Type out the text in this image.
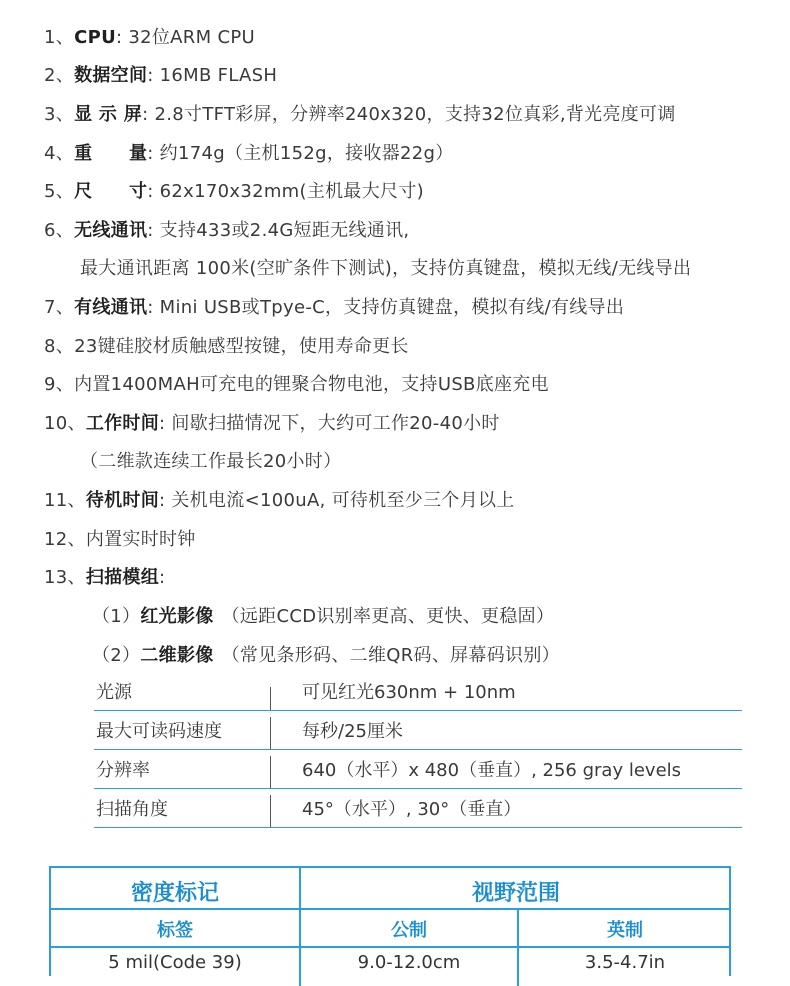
1、CPU: 32位ARM CPU
2、数据空间: 16MB FLASH
3、显 示 屏: 2.8寸TFT彩屏，分辨率240x320，支持32位真彩,背光亮度可调
4、重　　量: 约174g（主机152g，接收器22g）
5、尺　　寸: 62x170x32mm(主机最大尺寸)
6、无线通讯: 支持433或2.4G短距无线通讯,
最大通讯距离 100米(空旷条件下测试)，支持仿真键盘，模拟无线/无线导出
7、有线通讯: Mini USB或Tpye-C，支持仿真键盘，模拟有线/有线导出
8、23键硅胶材质触感型按键，使用寿命更长
9、内置1400MAH可充电的锂聚合物电池，支持USB底座充电
10、工作时间: 间歇扫描情况下，大约可工作20-40小时
（二维款连续工作最长20小时）
11、待机时间: 关机电流<100uA, 可待机至少三个月以上
12、内置实时时钟
13、扫描模组:
（1）红光影像 （远距CCD识别率更高、更快、更稳固）
（2）二维影像 （常见条形码、二维QR码、屏幕码识别）
光源	可见红光630nm + 10nm
最大可读码速度	每秒/25厘米
分辨率	640（水平）x 480（垂直）, 256 gray levels
扫描角度	45°（水平）, 30°（垂直）
密度标记	视野范围
标签	公制	英制
5 mil(Code 39)	9.0-12.0cm	3.5-4.7in
